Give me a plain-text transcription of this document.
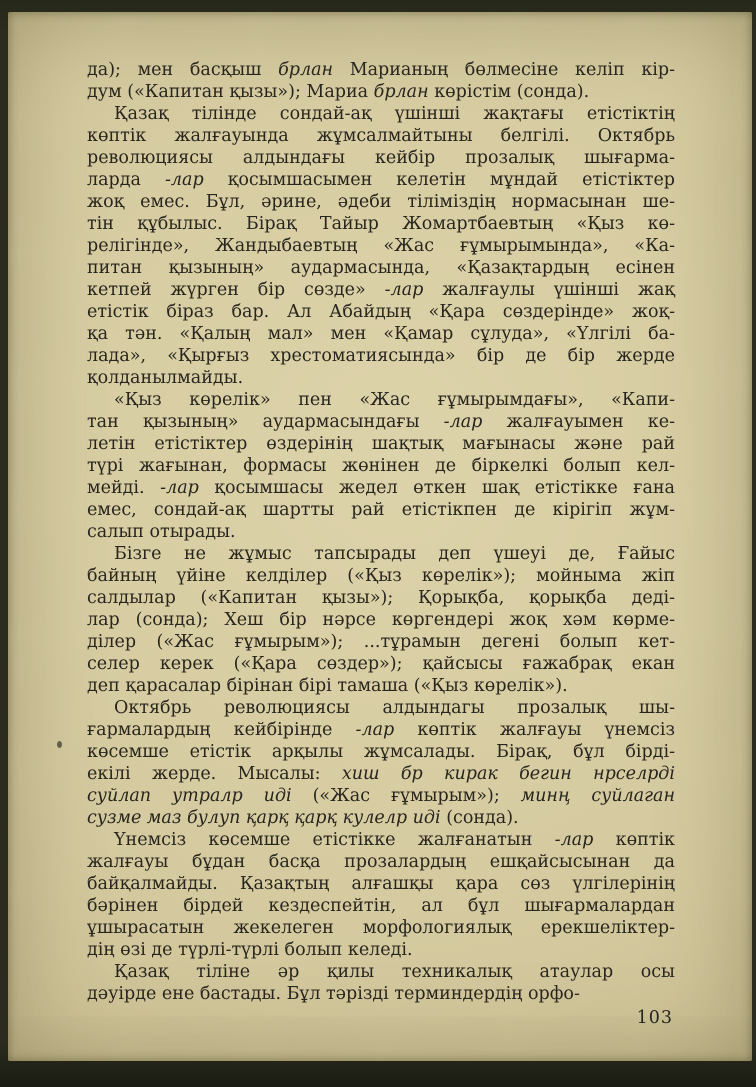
да); мен басқыш брлан Марианың бөлмесіне келіп кір-
дум («Капитан қызы»); Мариа брлан көрістім (сонда).

Қазақ тілінде сондай-ақ үшінші жақтағы етістіктің
көптік жалғауында жұмсалмайтыны белгілі. Октябрь
революциясы алдындағы кейбір прозалық шығарма-
ларда -лар қосымшасымен келетін мұндай етістіктер
жоқ емес. Бұл, әрине, әдеби тіліміздің нормасынан ше-
тін құбылыс. Бірақ Тайыр Жомартбаевтың «Қыз кө-
релігінде», Жандыбаевтың «Жас ғұмырымында», «Ка-
питан қызының» аудармасында, «Қазақтардың есінен
кетпей жүрген бір сөзде» -лар жалғаулы үшінші жақ
етістік біраз бар. Ал Абайдың «Қара сөздерінде» жоқ-
қа тән. «Қалың мал» мен «Қамар сұлуда», «Үлгілі ба-
лада», «Қырғыз хрестоматиясында» бір де бір жерде
қолданылмайды.

«Қыз көрелік» пен «Жас ғұмырымдағы», «Капи-
тан қызының» аудармасындағы -лар жалғауымен ке-
летін етістіктер өздерінің шақтық мағынасы және рай
түрі жағынан, формасы жөнінен де біркелкі болып кел-
мейді. -лар қосымшасы жедел өткен шақ етістікке ғана
емес, сондай-ақ шартты рай етістікпен де кірігіп жұм-
салып отырады.

Бізге не жұмыс тапсырады деп үшеуі де, Ғайыс
байның үйіне келділер («Қыз көрелік»); мойныма жіп
салдылар («Капитан қызы»); Қорықба, қорықба деді-
лар (сонда); Хеш бір нәрсе көргендері жоқ хәм көрме-
ділер («Жас ғұмырым»); ...тұрамын дегені болып кет-
селер керек («Қара сөздер»); қайсысы ғажабрақ екан
деп қарасалар бірінан бірі тамаша («Қыз көрелік»).

Октябрь революциясы алдындагы прозалық шы-
ғармалардың кейбірінде -лар көптік жалғауы үнемсіз
көсемше етістік арқылы жұмсалады. Бірақ, бұл бірді-
екілі жерде. Мысалы: хиш бр кирак бегин нрселрді
суйлап утралр иді («Жас ғұмырым»); минң суйлаган
сузме маз булуп қарқ қарқ кулелр иді (сонда).

Үнемсіз көсемше етістікке жалғанатын -лар көптік
жалғауы бұдан басқа прозалардың ешқайсысынан да
байқалмайды. Қазақтың алғашқы қара сөз үлгілерінің
бәрінен бірдей кездеспейтін, ал бұл шығармалардан
ұшырасатын жекелеген морфологиялық ерекшеліктер-
дің өзі де түрлі-түрлі болып келеді.

Қазақ тіліне әр қилы техникалық атаулар осы
дәуірде ене бастады. Бұл тәрізді терминдердің орфо-

103
